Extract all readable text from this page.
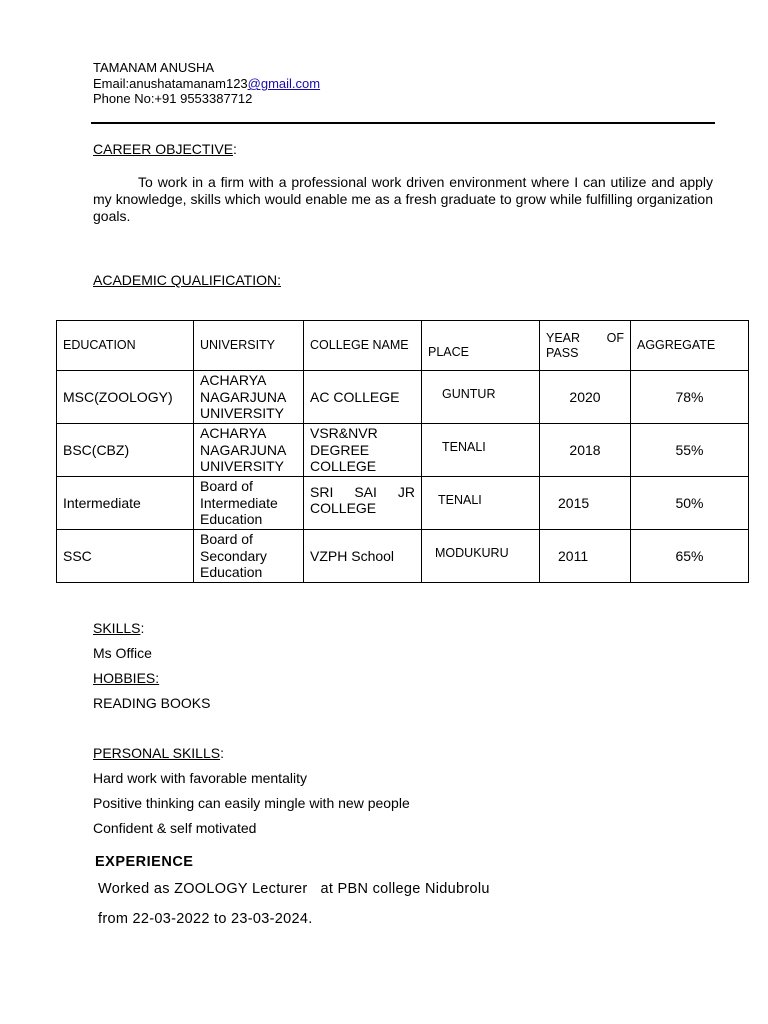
TAMANAM ANUSHA
Email:anushatamanam123@gmail.com
Phone No:+91 9553387712
CAREER OBJECTIVE:
To work in a firm with a professional work driven environment where I can utilize and apply my knowledge, skills which would enable me as a fresh graduate to grow while fulfilling organization goals.
ACADEMIC QUALIFICATION:
EDUCATION	UNIVERSITY	COLLEGE NAME	PLACE	YEAR OF PASS	AGGREGATE
MSC(ZOOLOGY)	ACHARYA NAGARJUNA UNIVERSITY	AC COLLEGE	GUNTUR	2020	78%
BSC(CBZ)	ACHARYA NAGARJUNA UNIVERSITY	VSR&NVR DEGREE COLLEGE	TENALI	2018	55%
Intermediate	Board of Intermediate Education	SRI SAI JR COLLEGE	TENALI	2015	50%
SSC	Board of Secondary Education	VZPH School	MODUKURU	2011	65%
SKILLS:
Ms Office
HOBBIES:
READING BOOKS
PERSONAL SKILLS:
Hard work with favorable mentality
Positive thinking can easily mingle with new people
Confident & self motivated
EXPERIENCE
Worked as ZOOLOGY Lecturer   at PBN college Nidubrolu
from 22-03-2022 to 23-03-2024.
